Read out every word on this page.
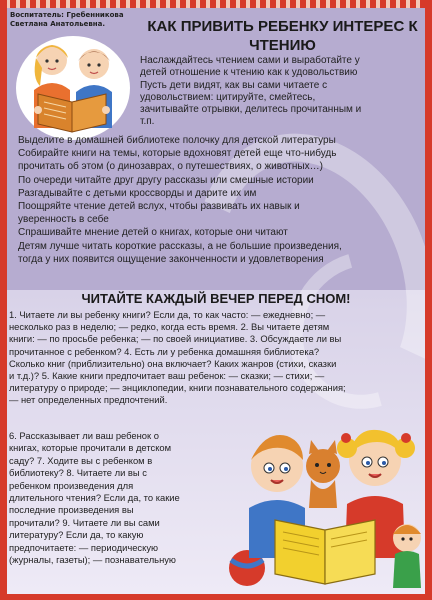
Воспитатель: Гребенникова
Светлана Анатольевна.	КАК ПРИВИТЬ РЕБЕНКУ ИНТЕРЕС К
ЧТЕНИЮ
Наслаждайтесь чтением сами и выработайте у
детей отношение к чтению как к удовольствию
Пусть дети видят, как вы сами читаете с
удовольствием: цитируйте, смейтесь,
зачитывайте отрывки, делитесь прочитанным и
т.п.
Выделите в домашней библиотеке полочку для детской литературы
Собирайте книги на темы, которые вдохновят детей еще что-нибудь
прочитать об этом (о динозаврах, о путешествиях, о животных…)
По очереди читайте друг другу рассказы или смешные истории
Разгадывайте с детьми кроссворды и дарите их им
Поощряйте чтение детей вслух, чтобы развивать их навык и
уверенность в себе
Спрашивайте мнение детей о книгах, которые они читают
Детям лучше читать короткие рассказы, а не большие произведения,
тогда у них появится ощущение законченности и удовлетворения
ЧИТАЙТЕ КАЖДЫЙ ВЕЧЕР ПЕРЕД СНОМ!
1. Читаете ли вы ребенку книги? Если да, то как часто: — ежедневно; —
несколько раз в неделю; — редко, когда есть время. 2. Вы читаете детям
книги: — по просьбе ребенка; — по своей инициативе. 3. Обсуждаете ли вы
прочитанное с ребенком? 4. Есть ли у ребенка домашняя библиотека?
Сколько книг (приблизительно) она включает? Каких жанров (стихи, сказки
и т.д.)? 5. Какие книги предпочитает ваш ребенок: — сказки; — стихи; —
литературу о природе; — энциклопедии, книги познавательного содержания;
— нет определенных предпочтений.
6. Рассказывает ли ваш ребенок о
книгах, которые прочитали в детском
саду? 7. Ходите вы с ребенком в
библиотеку? 8. Читаете ли вы с
ребенком произведения для
длительного чтения? Если да, то какие
последние произведения вы
прочитали? 9. Читаете ли вы сами
литературу? Если да, то какую
предпочитаете: — периодическую
(журналы, газеты); — познавательную
